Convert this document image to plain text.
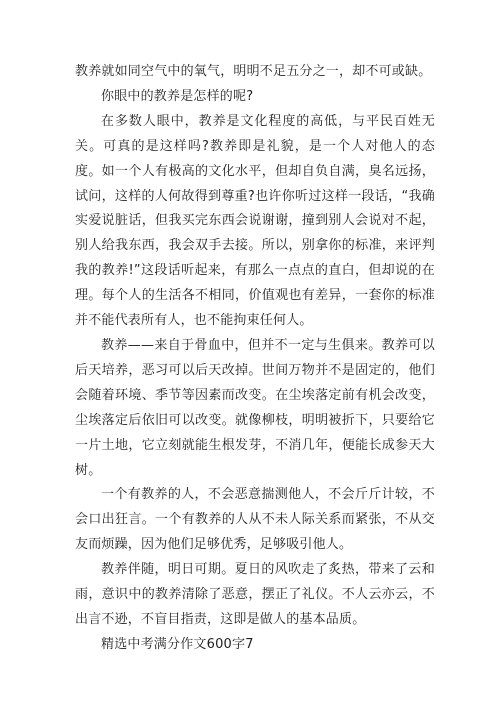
教养就如同空气中的氧气，明明不足五分之一，却不可或缺。

你眼中的教养是怎样的呢?

在多数人眼中，教养是文化程度的高低，与平民百姓无关。可真的是这样吗?教养即是礼貌，是一个人对他人的态度。如一个人有极高的文化水平，但却自负自满，臭名远扬，试问，这样的人何故得到尊重?也许你听过这样一段话，“我确实爱说脏话，但我买完东西会说谢谢，撞到别人会说对不起，别人给我东西，我会双手去接。所以，别拿你的标准，来评判我的教养!”这段话听起来，有那么一点点的直白，但却说的在理。每个人的生活各不相同，价值观也有差异，一套你的标准并不能代表所有人，也不能拘束任何人。

教养——来自于骨血中，但并不一定与生俱来。教养可以后天培养，恶习可以后天改掉。世间万物并不是固定的，他们会随着环境、季节等因素而改变。在尘埃落定前有机会改变，尘埃落定后依旧可以改变。就像柳枝，明明被折下，只要给它一片土地，它立刻就能生根发芽，不消几年，便能长成参天大树。

一个有教养的人，不会恶意揣测他人，不会斤斤计较，不会口出狂言。一个有教养的人从不未人际关系而紧张，不从交友而烦躁，因为他们足够优秀，足够吸引他人。

教养伴随，明日可期。夏日的风吹走了炙热，带来了云和雨，意识中的教养清除了恶意，摆正了礼仪。不人云亦云，不出言不逊，不盲目指责，这即是做人的基本品质。

精选中考满分作文600字7
